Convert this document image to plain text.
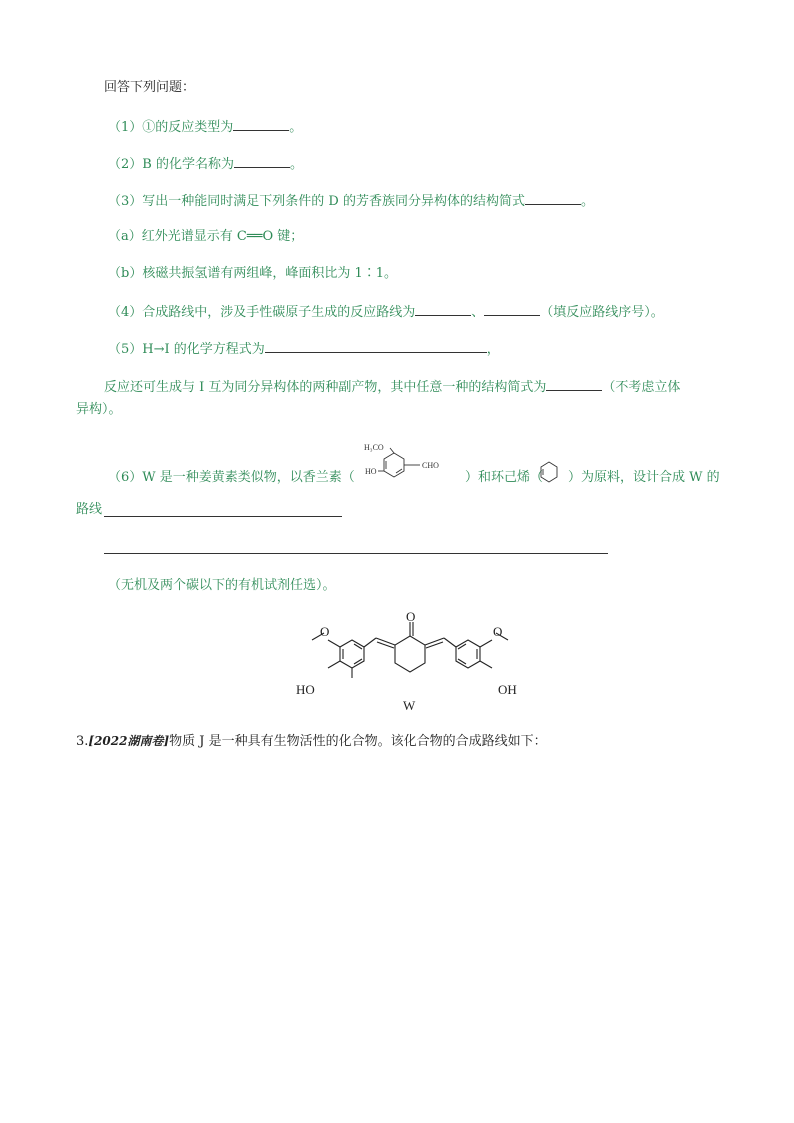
回答下列问题：
（1）①的反应类型为	。
（2）B 的化学名称为	。
（3）写出一种能同时满足下列条件的 D 的芳香族同分异构体的结构简式	。
（a）红外光谱显示有 C══O 键；
（b）核磁共振氢谱有两组峰，峰面积比为 1∶1。
（4）合成路线中，涉及手性碳原子生成的反应路线为	、	（填反应路线序号）。
（5）H→I 的化学方程式为	，
反应还可生成与 I 互为同分异构体的两种副产物，其中任意一种的结构简式为	（不考虑立体
异构）。
（6）W 是一种姜黄素类似物，以香兰素（
H₃CO
HO
CHO
）和环己烯（ ）为原料，设计合成 W 的
路线
（无机及两个碳以下的有机试剂任选）。
O
O	O
HO	OH
W
3.[2022湖南卷]物质 J 是一种具有生物活性的化合物。该化合物的合成路线如下：
